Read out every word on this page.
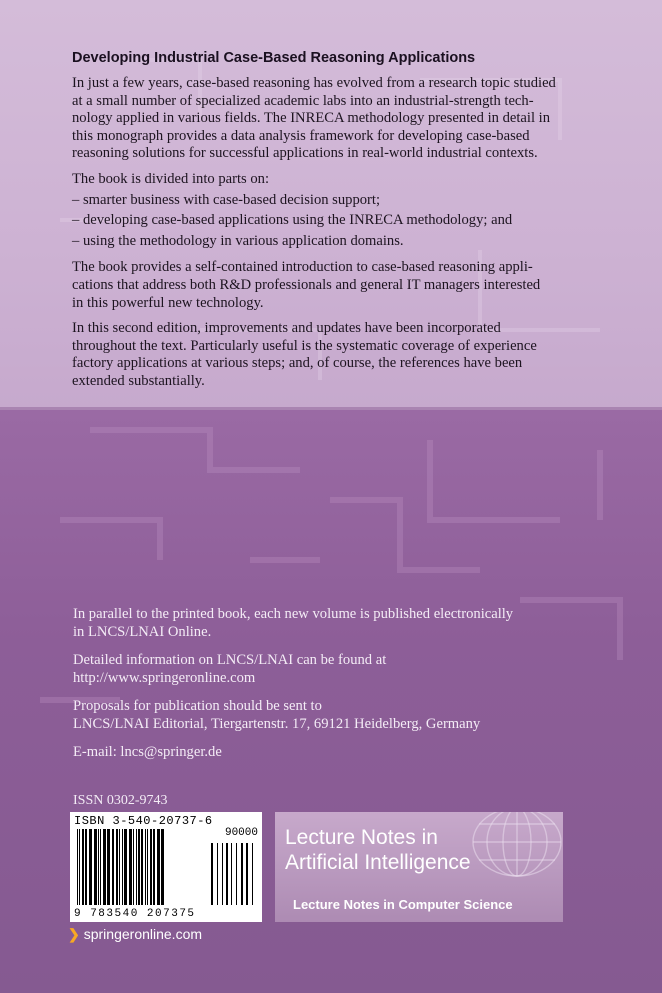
Developing Industrial Case-Based Reasoning Applications

In just a few years, case-based reasoning has evolved from a research topic studied
at a small number of specialized academic labs into an industrial-strength tech-
nology applied in various fields. The INRECA methodology presented in detail in
this monograph provides a data analysis framework for developing case-based
reasoning solutions for successful applications in real-world industrial contexts.

The book is divided into parts on:

– smarter business with case-based decision support;

– developing case-based applications using the INRECA methodology; and

– using the methodology in various application domains.

The book provides a self-contained introduction to case-based reasoning appli-
cations that address both R&D professionals and general IT managers interested
in this powerful new technology.

In this second edition, improvements and updates have been incorporated
throughout the text. Particularly useful is the systematic coverage of experience
factory applications at various steps; and, of course, the references have been
extended substantially.

In parallel to the printed book, each new volume is published electronically
in LNCS/LNAI Online.

Detailed information on LNCS/LNAI can be found at
http://www.springeronline.com

Proposals for publication should be sent to
LNCS/LNAI Editorial, Tiergartenstr. 17, 69121 Heidelberg, Germany

E-mail: lncs@springer.de

ISSN 0302-9743
ISBN 3-540-20737-6
90000
9 783540 207375
❯ springeronline.com
Lecture Notes in
Artificial Intelligence
Lecture Notes in Computer Science
